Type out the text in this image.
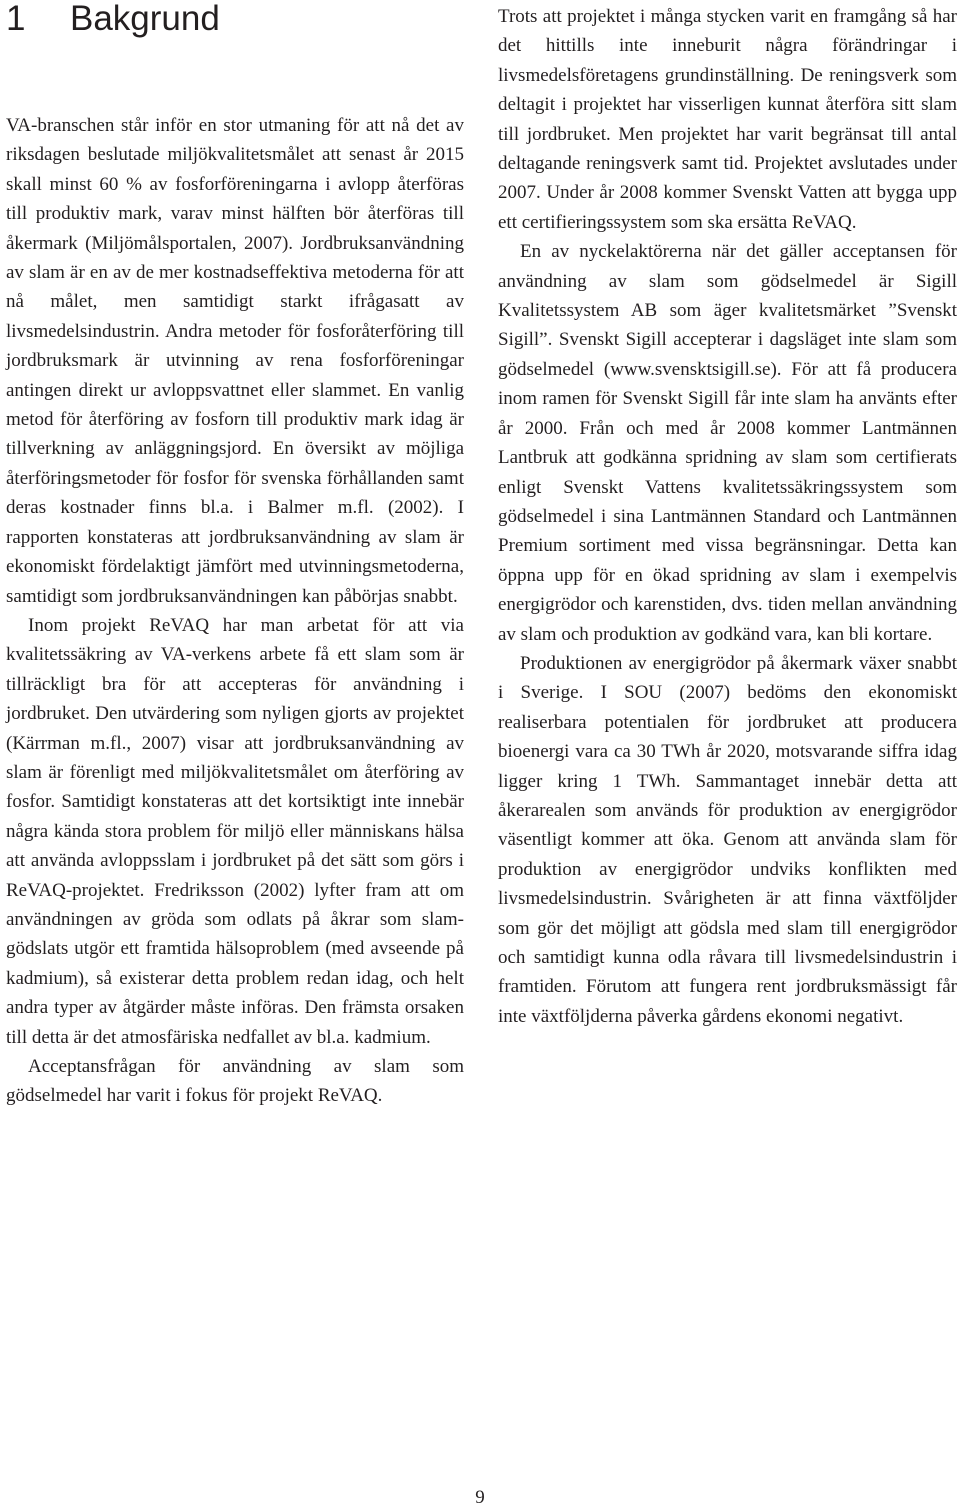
1 Bakgrund

VA-branschen står inför en stor utmaning för att nå det av riksdagen beslutade miljökvalitetsmålet att senast år 2015 skall minst 60 % av fosforföreningarna i avlopp återföras till produktiv mark, varav minst hälften bör återföras till åkermark (Miljömålsportalen, 2007). Jordbruksanvändning av slam är en av de mer kostnadseffektiva metoderna för att nå målet, men samtidigt starkt ifrågasatt av livsmedelsindustrin. Andra metoder för fosforåterföring till jordbruksmark är utvinning av rena fosforföreningar antingen direkt ur avloppsvattnet eller slammet. En vanlig metod för återföring av fosforn till produktiv mark idag är tillverkning av anläggningsjord. En översikt av möjliga återföringsmetoder för fosfor för svenska förhållanden samt deras kostnader finns bl.a. i Balmer m.fl. (2002). I rapporten konstateras att jordbruksanvändning av slam är ekonomiskt fördelaktigt jämfört med utvinningsmetoderna, samtidigt som jordbruksanvändningen kan påbörjas snabbt.

Inom projekt ReVAQ har man arbetat för att via kvalitetssäkring av VA-verkens arbete få ett slam som är tillräckligt bra för att accepteras för användning i jordbruket. Den utvärdering som nyligen gjorts av projektet (Kärrman m.fl., 2007) visar att jordbruksanvändning av slam är förenligt med miljökvalitetsmålet om återföring av fosfor. Samtidigt konstateras att det kortsiktigt inte innebär några kända stora problem för miljö eller människans hälsa att använda avloppsslam i jordbruket på det sätt som görs i ReVAQ-projektet. Fredriksson (2002) lyfter fram att om användningen av gröda som odlats på åkrar som slamgödslats utgör ett framtida hälsoproblem (med avseende på kadmium), så existerar detta problem redan idag, och helt andra typer av åtgärder måste införas. Den främsta orsaken till detta är det atmosfäriska nedfallet av bl.a. kadmium.

Acceptansfrågan för användning av slam som gödselmedel har varit i fokus för projekt ReVAQ.

Trots att projektet i många stycken varit en framgång så har det hittills inte inneburit några förändringar i livsmedelsföretagens grundinställning. De reningsverk som deltagit i projektet har visserligen kunnat återföra sitt slam till jordbruket. Men projektet har varit begränsat till antal deltagande reningsverk samt tid. Projektet avslutades under 2007. Under år 2008 kommer Svenskt Vatten att bygga upp ett certifieringssystem som ska ersätta ReVAQ.

En av nyckelaktörerna när det gäller acceptansen för användning av slam som gödselmedel är Sigill Kvalitetssystem AB som äger kvalitetsmärket ”Svenskt Sigill”. Svenskt Sigill accepterar i dagsläget inte slam som gödselmedel (www.svensktsigill.se). För att få producera inom ramen för Svenskt Sigill får inte slam ha använts efter år 2000. Från och med år 2008 kommer Lantmännen Lantbruk att godkänna spridning av slam som certifierats enligt Svenskt Vattens kvalitetssäkringssystem som gödselmedel i sina Lantmännen Standard och Lantmännen Premium sortiment med vissa begränsningar. Detta kan öppna upp för en ökad spridning av slam i exempelvis energigrödor och karenstiden, dvs. tiden mellan användning av slam och produktion av godkänd vara, kan bli kortare.

Produktionen av energigrödor på åkermark växer snabbt i Sverige. I SOU (2007) bedöms den ekonomiskt realiserbara potentialen för jordbruket att producera bioenergi vara ca 30 TWh år 2020, motsvarande siffra idag ligger kring 1 TWh. Sammantaget innebär detta att åkerarealen som används för produktion av energigrödor väsentligt kommer att öka. Genom att använda slam för produktion av energigrödor undviks konflikten med livsmedelsindustrin. Svårigheten är att finna växtföljder som gör det möjligt att gödsla med slam till energigrödor och samtidigt kunna odla råvara till livsmedelsindustrin i framtiden. Förutom att fungera rent jordbruksmässigt får inte växtföljderna påverka gårdens ekonomi negativt.

9
